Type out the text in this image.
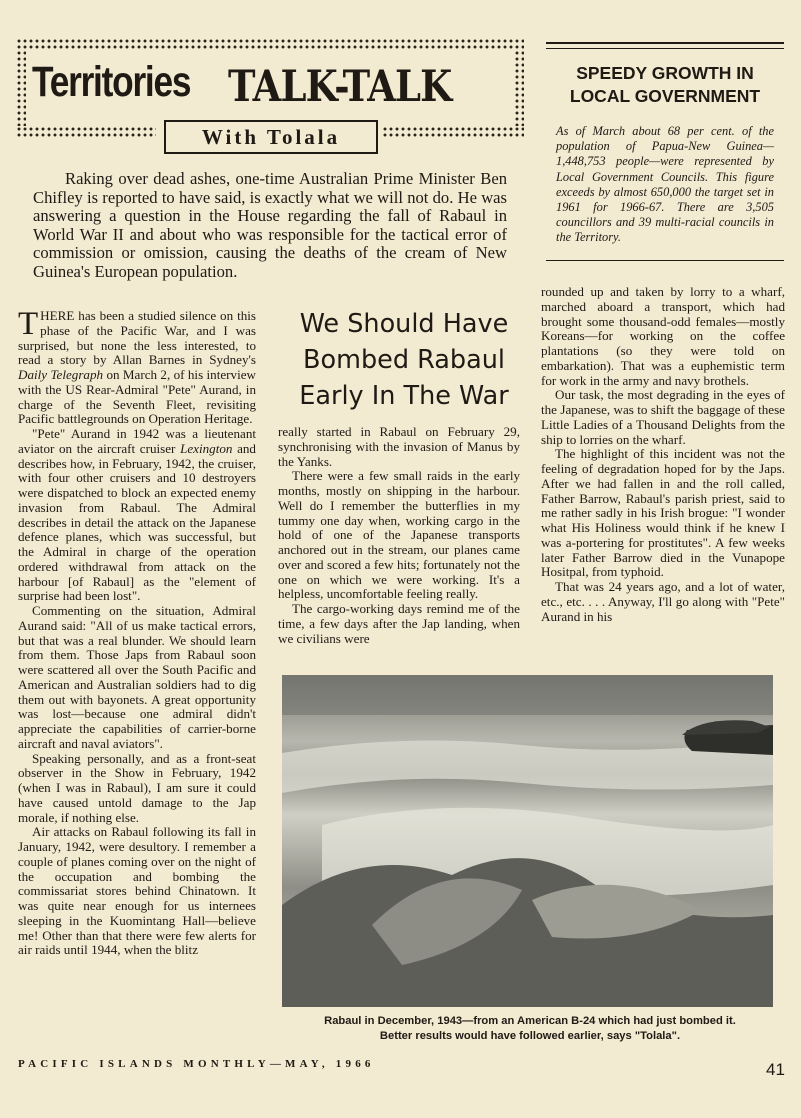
Territories TALK-TALK
With Tolala
SPEEDY GROWTH IN LOCAL GOVERNMENT
As of March about 68 per cent. of the population of Papua-New Guinea—1,448,753 people—were represented by Local Government Councils. This figure exceeds by almost 650,000 the target set in 1961 for 1966-67. There are 3,505 councillors and 39 multi-racial councils in the Territory.
Raking over dead ashes, one-time Australian Prime Minister Ben Chifley is reported to have said, is exactly what we will not do. He was answering a question in the House regarding the fall of Rabaul in World War II and about who was responsible for the tactical error of commission or omission, causing the deaths of the cream of New Guinea's European population.

THERE has been a studied silence on this phase of the Pacific War, and I was surprised, but none the less interested, to read a story by Allan Barnes in Sydney's Daily Telegraph on March 2, of his interview with the US Rear-Admiral "Pete" Aurand, in charge of the Seventh Fleet, revisiting Pacific battlegrounds on Operation Heritage.

"Pete" Aurand in 1942 was a lieutenant aviator on the aircraft cruiser Lexington and describes how, in February, 1942, the cruiser, with four other cruisers and 10 destroyers were dispatched to block an expected enemy invasion from Rabaul. The Admiral describes in detail the attack on the Japanese defence planes, which was successful, but the Admiral in charge of the operation ordered withdrawal from attack on the harbour [of Rabaul] as the "element of surprise had been lost".

Commenting on the situation, Admiral Aurand said: "All of us make tactical errors, but that was a real blunder. We should learn from them. Those Japs from Rabaul soon were scattered all over the South Pacific and American and Australian soldiers had to dig them out with bayonets. A great opportunity was lost—because one admiral didn't appreciate the capabilities of carrier-borne aircraft and naval aviators".

Speaking personally, and as a front-seat observer in the Show in February, 1942 (when I was in Rabaul), I am sure it could have caused untold damage to the Jap morale, if nothing else.

Air attacks on Rabaul following its fall in January, 1942, were desultory. I remember a couple of planes coming over on the night of the occupation and bombing the commissariat stores behind Chinatown. It was quite near enough for us internees sleeping in the Kuomintang Hall—believe me! Other than that there were few alerts for air raids until 1944, when the blitz

We Should Have Bombed Rabaul Early In The War

really started in Rabaul on February 29, synchronising with the invasion of Manus by the Yanks.

There were a few small raids in the early months, mostly on shipping in the harbour. Well do I remember the butterflies in my tummy one day when, working cargo in the hold of one of the Japanese transports anchored out in the stream, our planes came over and scored a few hits; fortunately not the one on which we were working. It's a helpless, uncomfortable feeling really.

The cargo-working days remind me of the time, a few days after the Jap landing, when we civilians were

rounded up and taken by lorry to a wharf, marched aboard a transport, which had brought some thousand-odd females—mostly Koreans—for working on the coffee plantations (so they were told on embarkation). That was a euphemistic term for work in the army and navy brothels.

Our task, the most degrading in the eyes of the Japanese, was to shift the baggage of these Little Ladies of a Thousand Delights from the ship to lorries on the wharf.

The highlight of this incident was not the feeling of degradation hoped for by the Japs. After we had fallen in and the roll called, Father Barrow, Rabaul's parish priest, said to me rather sadly in his Irish brogue: "I wonder what His Holiness would think if he knew I was a-portering for prostitutes". A few weeks later Father Barrow died in the Vunapope Hositpal, from typhoid.

That was 24 years ago, and a lot of water, etc., etc. . . . Anyway, I'll go along with "Pete" Aurand in his

Rabaul in December, 1943—from an American B-24 which had just bombed it.
Better results would have followed earlier, says "Tolala".
PACIFIC ISLANDS MONTHLY—MAY, 1966	41
